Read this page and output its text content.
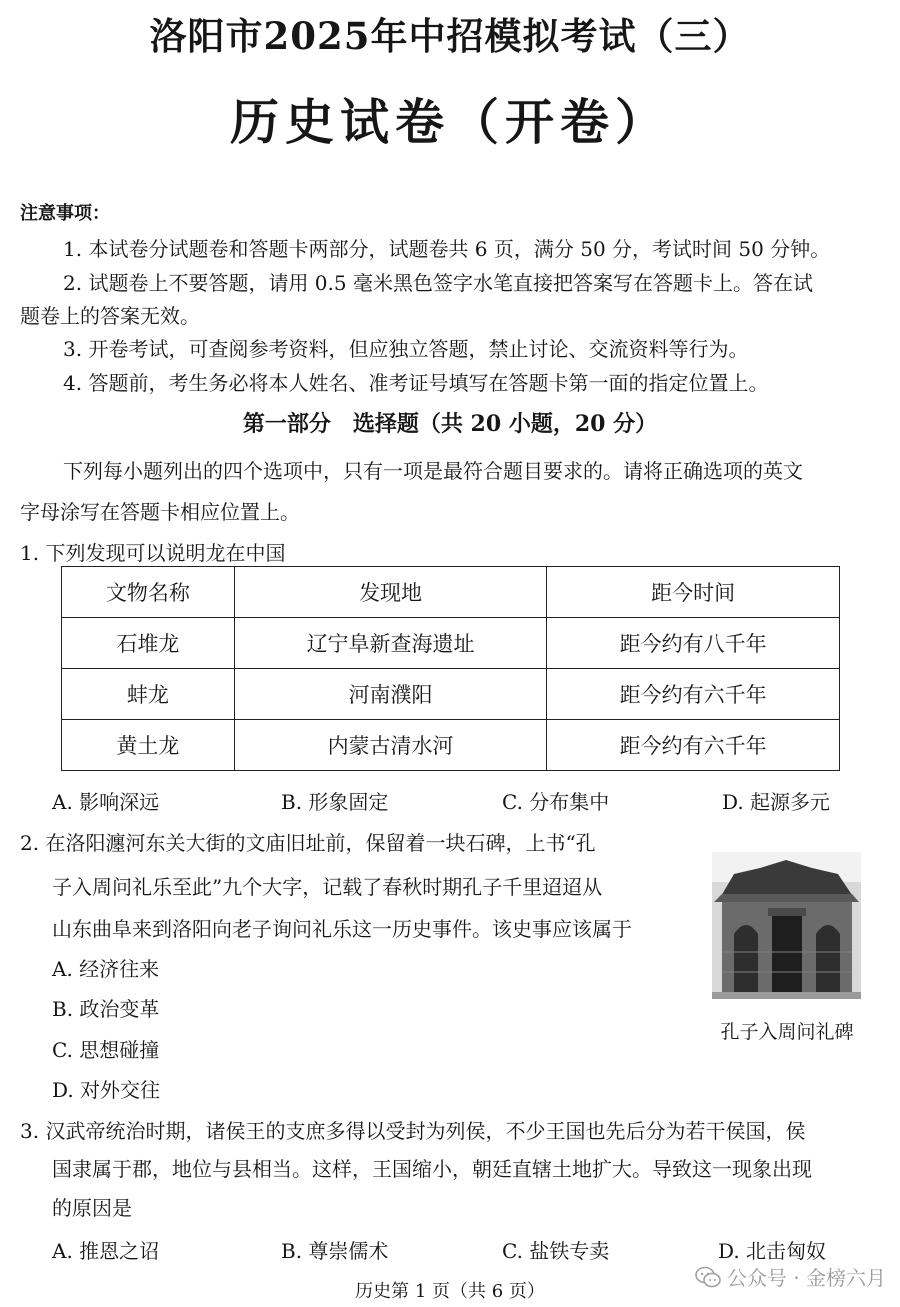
洛阳市2025年中招模拟考试（三）
历史试卷（开卷）
注意事项：
1. 本试卷分试题卷和答题卡两部分，试题卷共 6 页，满分 50 分，考试时间 50 分钟。
2. 试题卷上不要答题，请用 0.5 毫米黑色签字水笔直接把答案写在答题卡上。答在试
题卷上的答案无效。
3. 开卷考试，可查阅参考资料，但应独立答题，禁止讨论、交流资料等行为。
4. 答题前，考生务必将本人姓名、准考证号填写在答题卡第一面的指定位置上。
第一部分　选择题（共 20 小题，20 分）
下列每小题列出的四个选项中，只有一项是最符合题目要求的。请将正确选项的英文
字母涂写在答题卡相应位置上。
1. 下列发现可以说明龙在中国
文物名称	发现地	距今时间
石堆龙	辽宁阜新查海遗址	距今约有八千年
蚌龙	河南濮阳	距今约有六千年
黄土龙	内蒙古清水河	距今约有六千年
A. 影响深远	B. 形象固定	C. 分布集中	D. 起源多元
2. 在洛阳瀍河东关大街的文庙旧址前，保留着一块石碑，上书“孔
子入周问礼乐至此”九个大字，记载了春秋时期孔子千里迢迢从
山东曲阜来到洛阳向老子询问礼乐这一历史事件。该史事应该属于
A. 经济往来
B. 政治变革
C. 思想碰撞
D. 对外交往
孔子入周问礼碑
3. 汉武帝统治时期，诸侯王的支庶多得以受封为列侯，不少王国也先后分为若干侯国，侯
国隶属于郡，地位与县相当。这样，王国缩小，朝廷直辖土地扩大。导致这一现象出现
的原因是
A. 推恩之诏	B. 尊崇儒术	C. 盐铁专卖	D. 北击匈奴
历史第 1 页（共 6 页）
公众号 · 金榜六月
